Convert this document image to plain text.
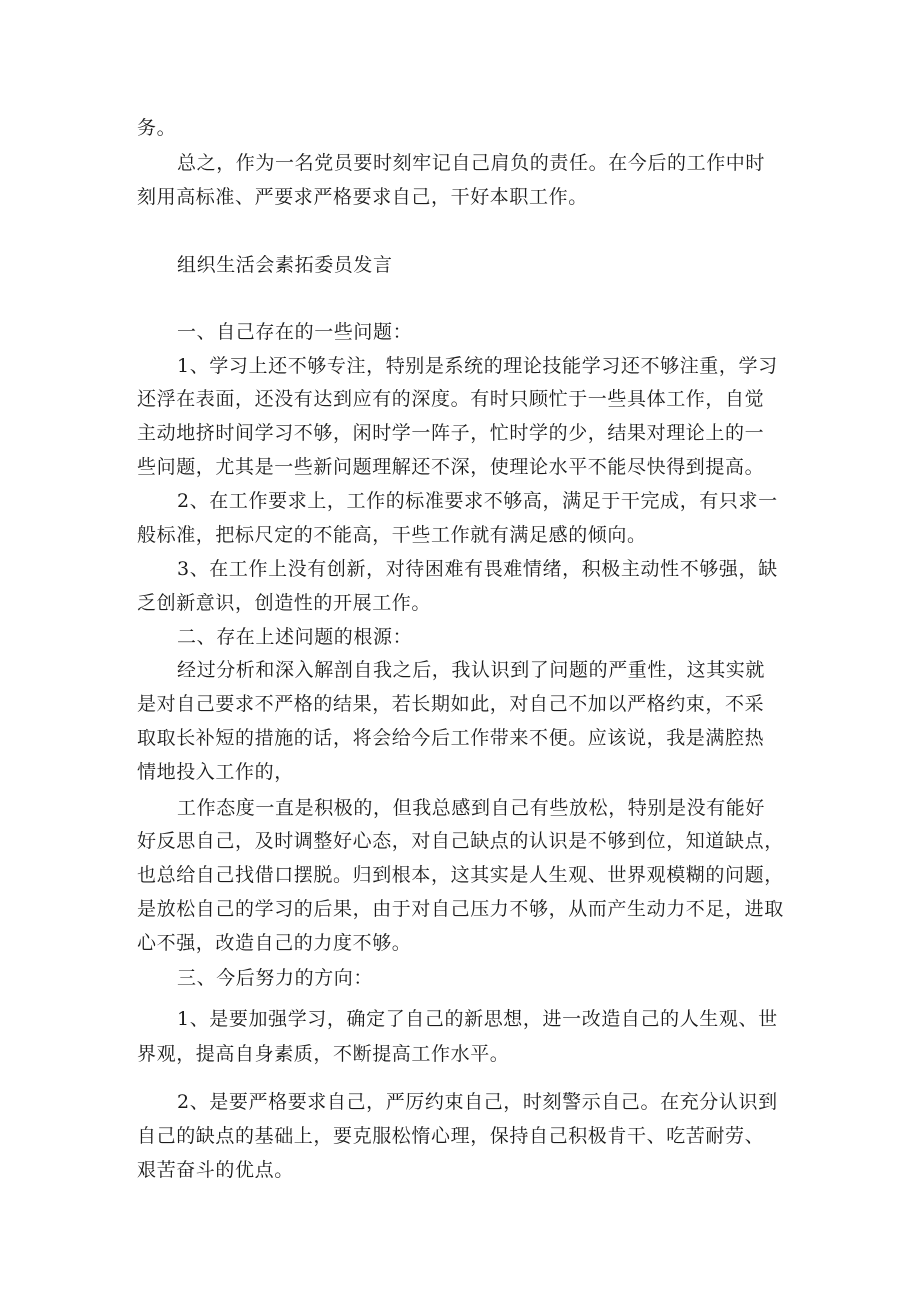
务。
总之，作为一名党员要时刻牢记自己肩负的责任。在今后的工作中时
刻用高标准、严要求严格要求自己，干好本职工作。
组织生活会素拓委员发言
一、自己存在的一些问题：
1、学习上还不够专注，特别是系统的理论技能学习还不够注重，学习
还浮在表面，还没有达到应有的深度。有时只顾忙于一些具体工作，自觉
主动地挤时间学习不够，闲时学一阵子，忙时学的少，结果对理论上的一
些问题，尤其是一些新问题理解还不深，使理论水平不能尽快得到提高。
2、在工作要求上，工作的标准要求不够高，满足于干完成，有只求一
般标准，把标尺定的不能高，干些工作就有满足感的倾向。
3、在工作上没有创新，对待困难有畏难情绪，积极主动性不够强，缺
乏创新意识，创造性的开展工作。
二、存在上述问题的根源：
经过分析和深入解剖自我之后，我认识到了问题的严重性，这其实就
是对自己要求不严格的结果，若长期如此，对自己不加以严格约束，不采
取取长补短的措施的话，将会给今后工作带来不便。应该说，我是满腔热
情地投入工作的，
工作态度一直是积极的，但我总感到自己有些放松，特别是没有能好
好反思自己，及时调整好心态，对自己缺点的认识是不够到位，知道缺点，
也总给自己找借口摆脱。归到根本，这其实是人生观、世界观模糊的问题，
是放松自己的学习的后果，由于对自己压力不够，从而产生动力不足，进取
心不强，改造自己的力度不够。
三、今后努力的方向：
1、是要加强学习，确定了自己的新思想，进一改造自己的人生观、世
界观，提高自身素质，不断提高工作水平。
2、是要严格要求自己，严厉约束自己，时刻警示自己。在充分认识到
自己的缺点的基础上，要克服松惰心理，保持自己积极肯干、吃苦耐劳、
艰苦奋斗的优点。
